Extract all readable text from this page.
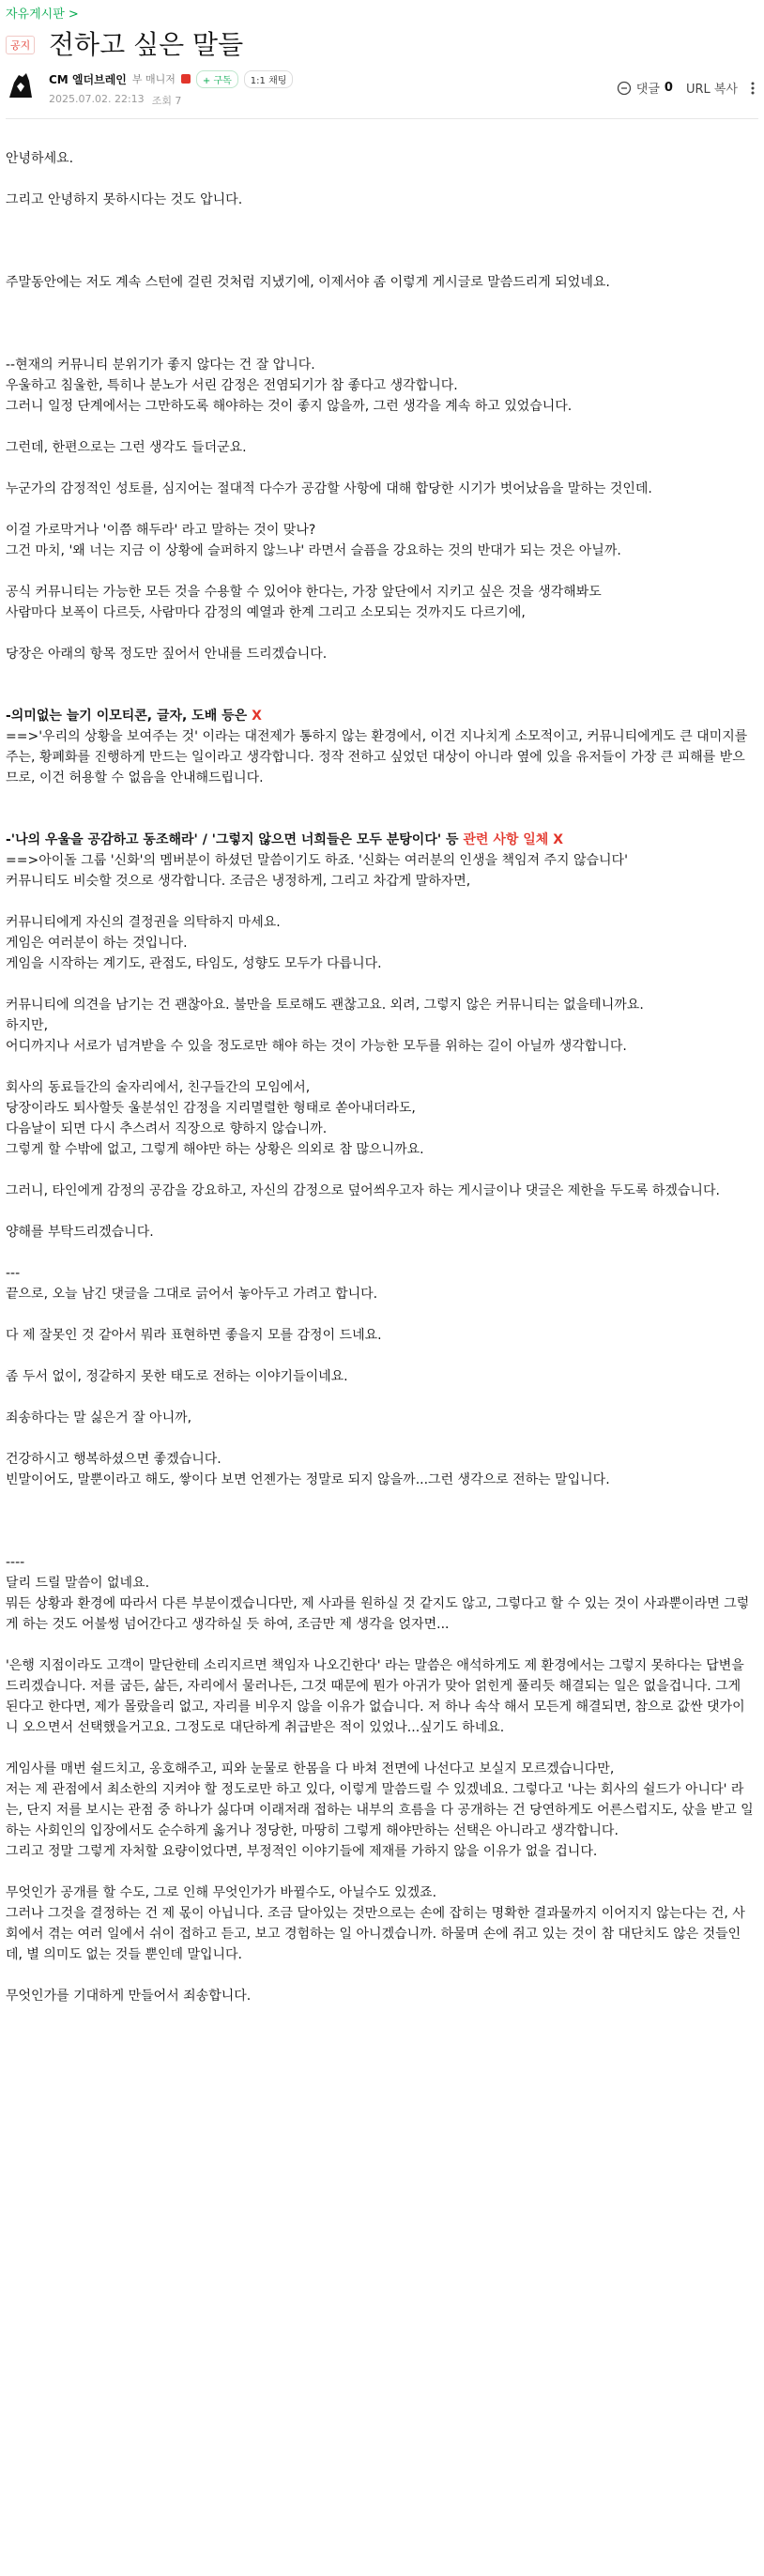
자유게시판 >
공지 전하고 싶은 말들
CM 엘더브레인 부 매니저	+ 구독	1:1 채팅
2025.07.02. 22:13 조회 7
댓글 0 URL 복사

안녕하세요.

그리고 안녕하지 못하시다는 것도 압니다.

주말동안에는 저도 계속 스턴에 걸린 것처럼 지냈기에, 이제서야 좀 이렇게 게시글로 말씀드리게 되었네요.

--현재의 커뮤니티 분위기가 좋지 않다는 건 잘 압니다.

우울하고 침울한, 특히나 분노가 서린 감정은 전염되기가 참 좋다고 생각합니다.

그러니 일정 단계에서는 그만하도록 해야하는 것이 좋지 않을까, 그런 생각을 계속 하고 있었습니다.

그런데, 한편으로는 그런 생각도 들더군요.

누군가의 감정적인 성토를, 심지어는 절대적 다수가 공감할 사항에 대해 합당한 시기가 벗어났음을 말하는 것인데.

이걸 가로막거나 '이쯤 해두라' 라고 말하는 것이 맞나?

그건 마치, '왜 너는 지금 이 상황에 슬퍼하지 않느냐' 라면서 슬픔을 강요하는 것의 반대가 되는 것은 아닐까.

공식 커뮤니티는 가능한 모든 것을 수용할 수 있어야 한다는, 가장 앞단에서 지키고 싶은 것을 생각해봐도

사람마다 보폭이 다르듯, 사람마다 감정의 예열과 한계 그리고 소모되는 것까지도 다르기에,

당장은 아래의 항목 정도만 짚어서 안내를 드리겠습니다.

-의미없는 늘기 이모티콘, 글자, 도배 등은 X

==>'우리의 상황을 보여주는 것' 이라는 대전제가 통하지 않는 환경에서, 이건 지나치게 소모적이고, 커뮤니티에게도 큰 대미지를 주는, 황폐화를 진행하게 만드는 일이라고 생각합니다. 정작 전하고 싶었던 대상이 아니라 옆에 있을 유저들이 가장 큰 피해를 받으므로, 이건 허용할 수 없음을 안내해드립니다.

-'나의 우울을 공감하고 동조해라' / '그렇지 않으면 너희들은 모두 분탕이다' 등 관련 사항 일체 X

==>아이돌 그룹 '신화'의 멤버분이 하셨던 말씀이기도 하죠. '신화는 여러분의 인생을 책임져 주지 않습니다'

커뮤니티도 비슷할 것으로 생각합니다. 조금은 냉정하게, 그리고 차갑게 말하자면,

커뮤니티에게 자신의 결정권을 의탁하지 마세요.

게임은 여러분이 하는 것입니다.

게임을 시작하는 계기도, 관점도, 타임도, 성향도 모두가 다릅니다.

커뮤니티에 의견을 남기는 건 괜찮아요. 불만을 토로해도 괜찮고요. 외려, 그렇지 않은 커뮤니티는 없을테니까요.

하지만,

어디까지나 서로가 넘겨받을 수 있을 정도로만 해야 하는 것이 가능한 모두를 위하는 길이 아닐까 생각합니다.

회사의 동료들간의 술자리에서, 친구들간의 모임에서,

당장이라도 퇴사할듯 울분섞인 감정을 지리멸렬한 형태로 쏟아내더라도,

다음날이 되면 다시 추스려서 직장으로 향하지 않습니까.

그렇게 할 수밖에 없고, 그렇게 해야만 하는 상황은 의외로 참 많으니까요.

그러니, 타인에게 감정의 공감을 강요하고, 자신의 감정으로 덮어씌우고자 하는 게시글이나 댓글은 제한을 두도록 하겠습니다.

양해를 부탁드리겠습니다.

---

끝으로, 오늘 남긴 댓글을 그대로 긁어서 놓아두고 가려고 합니다.

다 제 잘못인 것 같아서 뭐라 표현하면 좋을지 모를 감정이 드네요.

좀 두서 없이, 정갈하지 못한 태도로 전하는 이야기들이네요.

죄송하다는 말 싫은거 잘 아니까,

건강하시고 행복하셨으면 좋겠습니다.

빈말이어도, 말뿐이라고 해도, 쌓이다 보면 언젠가는 정말로 되지 않을까...그런 생각으로 전하는 말입니다.

----

달리 드릴 말씀이 없네요.

뭐든 상황과 환경에 따라서 다른 부분이겠습니다만, 제 사과를 원하실 것 같지도 않고, 그렇다고 할 수 있는 것이 사과뿐이라면 그렇게 하는 것도 어불썽 넘어간다고 생각하실 듯 하여, 조금만 제 생각을 얹자면...

'은행 지점이라도 고객이 말단한테 소리지르면 책임자 나오긴한다' 라는 말씀은 애석하게도 제 환경에서는 그렇지 못하다는 답변을 드리겠습니다. 저를 굽든, 삶든, 자리에서 물러나든, 그것 때문에 뭔가 아귀가 맞아 얽힌게 풀리듯 해결되는 일은 없을겁니다. 그게 된다고 한다면, 제가 몰랐을리 없고, 자리를 비우지 않을 이유가 없습니다. 저 하나 속삭 해서 모든게 해결되면, 참으로 값싼 댓가이니 오으면서 선택했을거고요. 그정도로 대단하게 취급받은 적이 있었나...싶기도 하네요.

게임사를 매번 쉴드치고, 옹호해주고, 피와 눈물로 한몸을 다 바쳐 전면에 나선다고 보실지 모르겠습니다만,

저는 제 관점에서 최소한의 지켜야 할 정도로만 하고 있다, 이렇게 말씀드릴 수 있겠네요. 그렇다고 '나는 회사의 쉴드가 아니다' 라는, 단지 저를 보시는 관점 중 하나가 싫다며 이래저래 접하는 내부의 흐름을 다 공개하는 건 당연하게도 어른스럽지도, 삯을 받고 일하는 사회인의 입장에서도 순수하게 옳거나 정당한, 마땅히 그렇게 해야만하는 선택은 아니라고 생각합니다.

그리고 정말 그렇게 자처할 요량이었다면, 부정적인 이야기들에 제재를 가하지 않을 이유가 없을 겁니다.

무엇인가 공개를 할 수도, 그로 인해 무엇인가가 바뀔수도, 아닐수도 있겠죠.

그러나 그것을 결정하는 건 제 몫이 아닙니다. 조금 달아있는 것만으로는 손에 잡히는 명확한 결과물까지 이어지지 않는다는 건, 사회에서 겪는 여러 일에서 쉬이 접하고 듣고, 보고 경험하는 일 아니겠습니까. 하물며 손에 쥐고 있는 것이 참 대단치도 않은 것들인데, 별 의미도 없는 것들 뿐인데 말입니다.

무엇인가를 기대하게 만들어서 죄송합니다.
